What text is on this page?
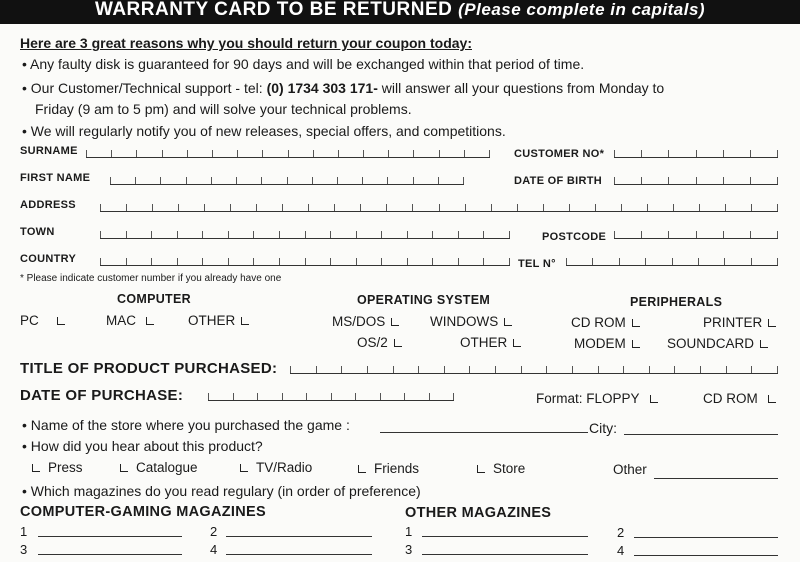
WARRANTY CARD TO BE RETURNED (Please complete in capitals)
Here are 3 great reasons why you should return your coupon today:
• Any faulty disk is guaranteed for 90 days and will be exchanged within that period of time.
• Our Customer/Technical support - tel: (0) 1734 303 171- will answer all your questions from Monday to
Friday (9 am to 5 pm) and will solve your technical problems.
• We will regularly notify you of new releases, special offers, and competitions.
SURNAME	CUSTOMER NO*
FIRST NAME	DATE OF BIRTH
ADDRESS
TOWN	POSTCODE
COUNTRY	TEL N°
* Please indicate customer number if you already have one
COMPUTER	OPERATING SYSTEM	PERIPHERALS
PC	MAC	OTHER	MS/DOS	WINDOWS
OS/2	OTHER
CD ROM	PRINTER
MODEM	SOUNDCARD
TITLE OF PRODUCT PURCHASED:
DATE OF PURCHASE:	Format: FLOPPY	CD ROM
• Name of the store where you purchased the game :	City:
• How did you hear about this product?
Press	Catalogue	TV/Radio	Friends	Store	Other
• Which magazines do you read regulary (in order of preference)
COMPUTER-GAMING MAGAZINES	OTHER MAGAZINES
1	2
3	4
1	2
3	4
